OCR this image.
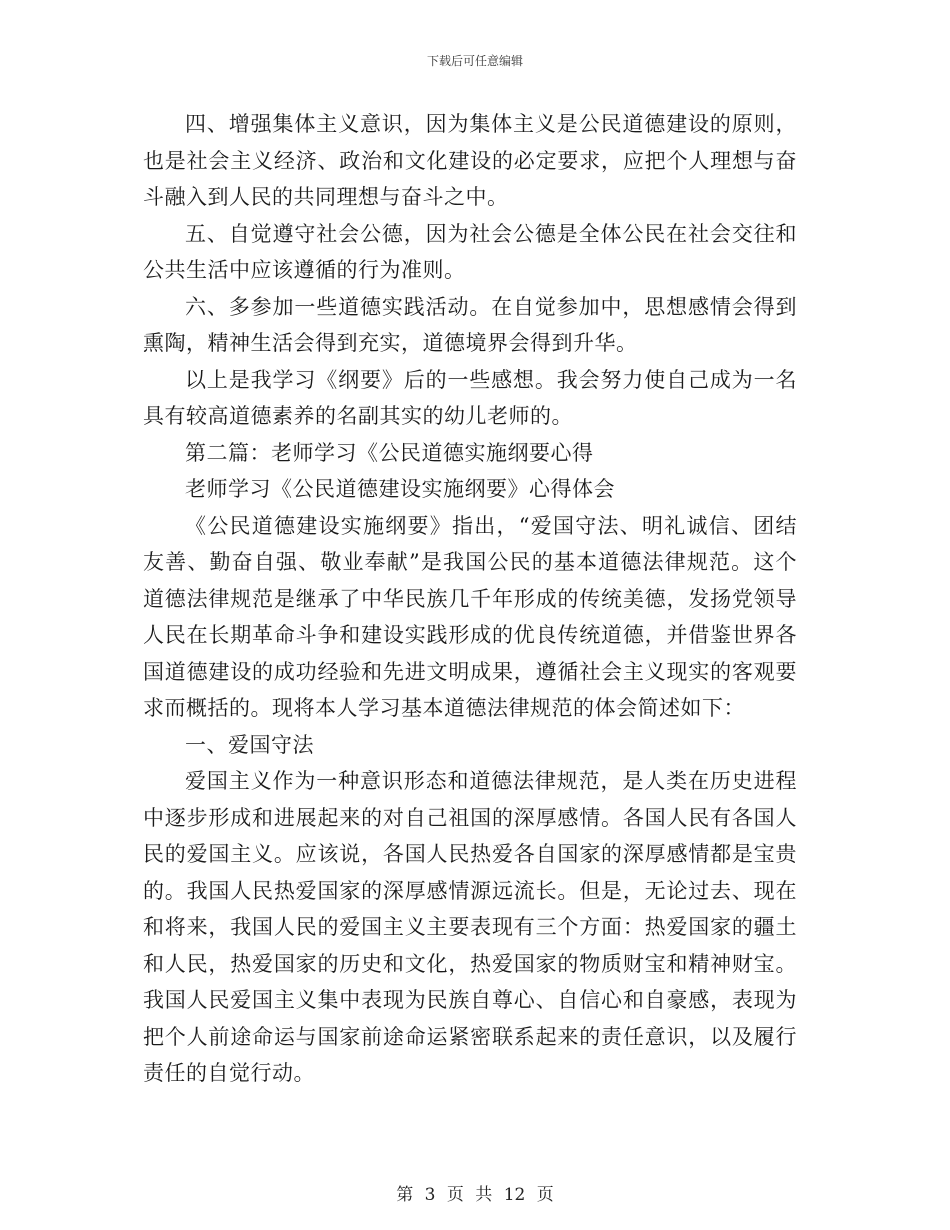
下载后可任意编辑

四、增强集体主义意识，因为集体主义是公民道德建设的原则，也是社会主义经济、政治和文化建设的必定要求，应把个人理想与奋斗融入到人民的共同理想与奋斗之中。

五、自觉遵守社会公德，因为社会公德是全体公民在社会交往和公共生活中应该遵循的行为准则。

六、多参加一些道德实践活动。在自觉参加中，思想感情会得到熏陶，精神生活会得到充实，道德境界会得到升华。

以上是我学习《纲要》后的一些感想。我会努力使自己成为一名具有较高道德素养的名副其实的幼儿老师的。

第二篇：老师学习《公民道德实施纲要心得

老师学习《公民道德建设实施纲要》心得体会

《公民道德建设实施纲要》指出，“爱国守法、明礼诚信、团结友善、勤奋自强、敬业奉献”是我国公民的基本道德法律规范。这个道德法律规范是继承了中华民族几千年形成的传统美德，发扬党领导人民在长期革命斗争和建设实践形成的优良传统道德，并借鉴世界各国道德建设的成功经验和先进文明成果，遵循社会主义现实的客观要求而概括的。现将本人学习基本道德法律规范的体会简述如下：

一、爱国守法

爱国主义作为一种意识形态和道德法律规范，是人类在历史进程中逐步形成和进展起来的对自己祖国的深厚感情。各国人民有各国人民的爱国主义。应该说，各国人民热爱各自国家的深厚感情都是宝贵的。我国人民热爱国家的深厚感情源远流长。但是，无论过去、现在和将来，我国人民的爱国主义主要表现有三个方面：热爱国家的疆土和人民，热爱国家的历史和文化，热爱国家的物质财宝和精神财宝。我国人民爱国主义集中表现为民族自尊心、自信心和自豪感，表现为把个人前途命运与国家前途命运紧密联系起来的责任意识，以及履行责任的自觉行动。

第 3 页 共 12 页
